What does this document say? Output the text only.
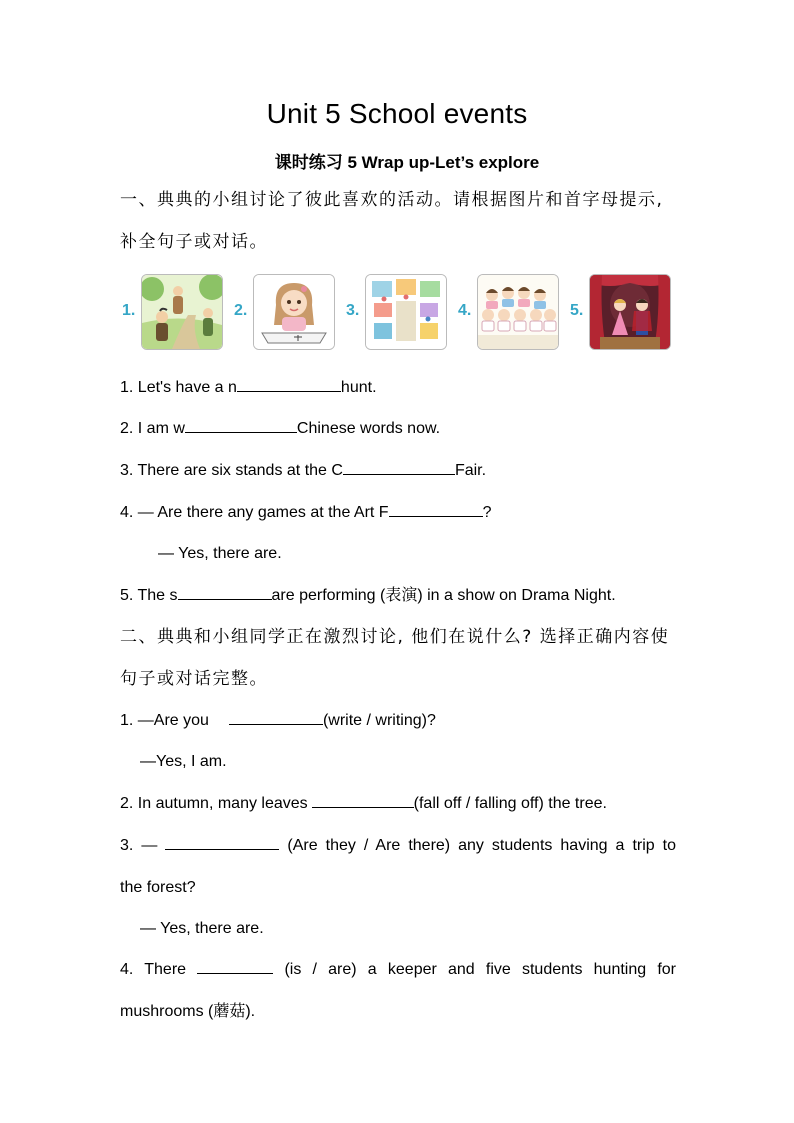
Unit 5 School events
课时练习 5 Wrap up-Let’s explore
一、典典的小组讨论了彼此喜欢的活动。请根据图片和首字母提示,
补全句子或对话。
1.	2.	3.	4.	5.
1. Let's have a n	hunt.
2. I am w	Chinese words now.
3. There are six stands at the C	Fair.
4. — Are there any games at the Art F	?
— Yes, there are.
5. The s	are performing (表演) in a show on Drama Night.
二、典典和小组同学正在激烈讨论, 他们在说什么? 选择正确内容使
句子或对话完整。
1. —Are you	(write / writing)?
—Yes, I am.
2. In autumn, many leaves	(fall off / falling off) the tree.
3. —	(Are they / Are there) any students having a trip to
the forest?
— Yes, there are.
4. There	(is / are) a keeper and five students hunting for
mushrooms (蘑菇).
